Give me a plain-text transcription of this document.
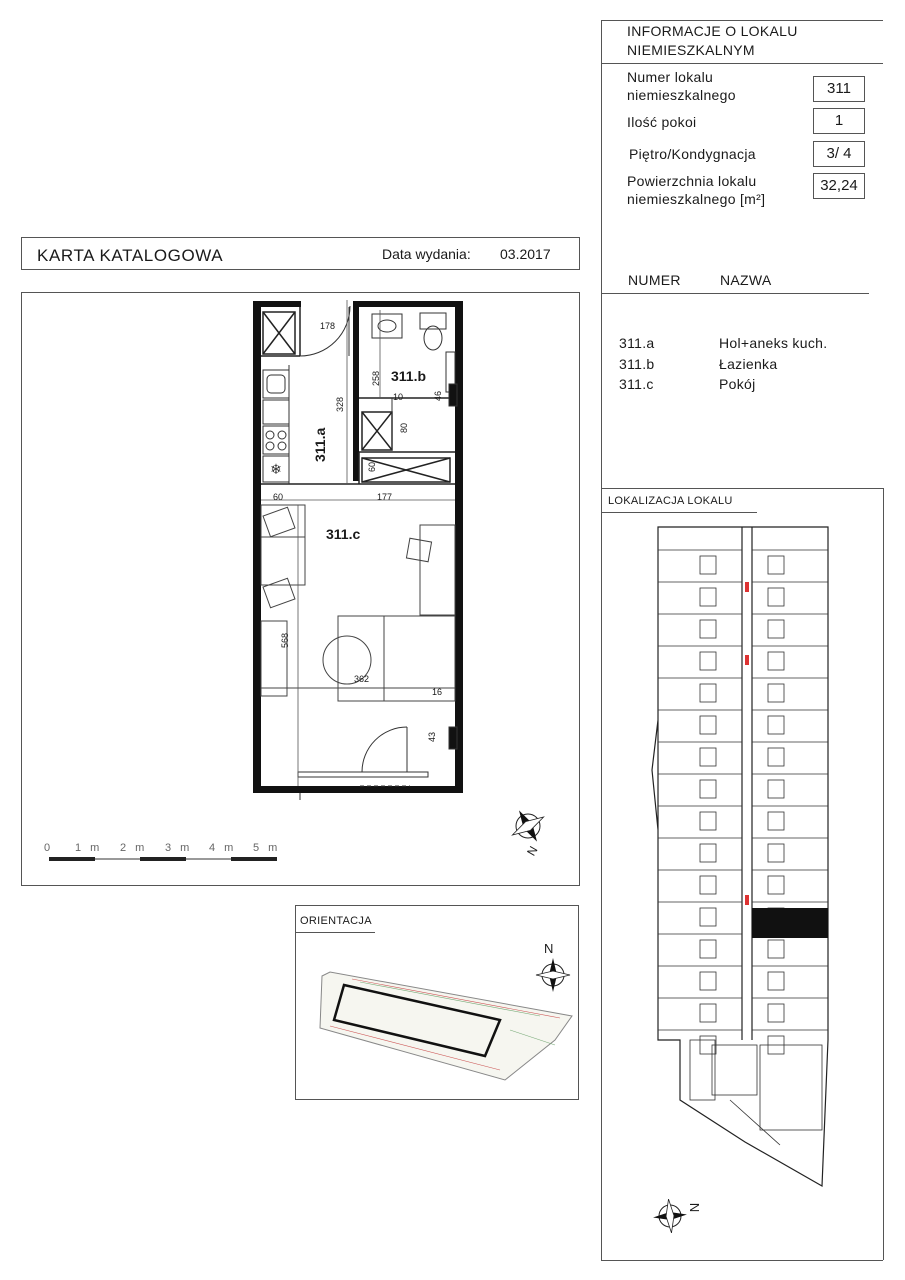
INFORMACJE O LOKALU
NIEMIESZKALNYM
Numer lokalu
niemieszkalnego	311
Ilość pokoi	1
Piętro/Kondygnacja	3/ 4
Powierzchnia lokalu
niemieszkalnego [m²]
32,24
NUMER	NAZWA
311.a	Hol+aneks kuch.
311.b	Łazienka
311.c	Pokój
LOKALIZACJA LOKALU
KARTA KATALOGOWA	Data wydania: 03.2017
❄
311.b
311.a
311.c
178
328
258
10	46
80
60
60	177
568
362
16
43
0 1 m 2 m 3 m 4 m 5 m	N
ORIENTACJA
N
N
